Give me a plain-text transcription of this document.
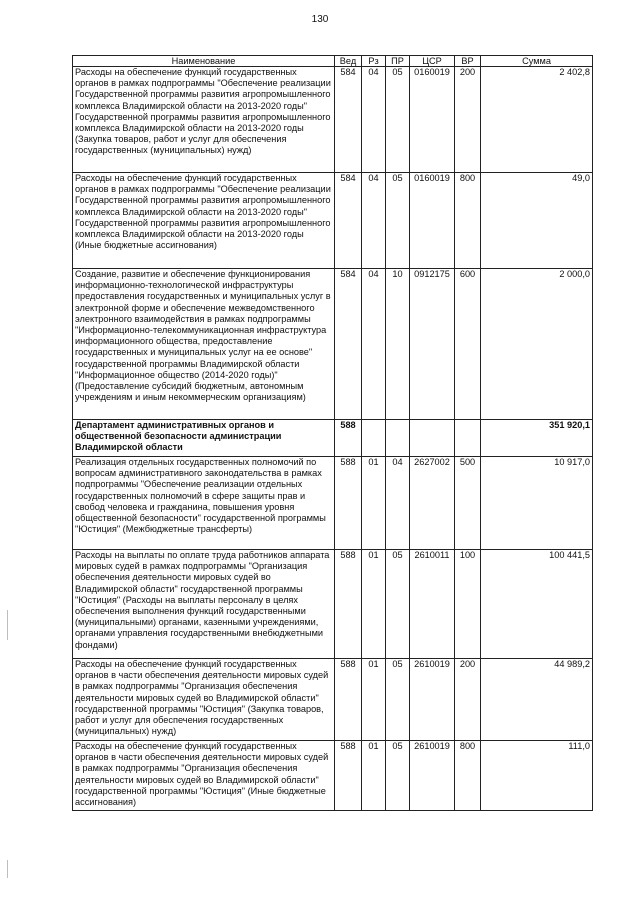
130
Наименование	Вед	Рз	ПР	ЦСР	ВР	Сумма
Расходы на обеспечение функций государственных органов в рамках подпрограммы "Обеспечение реализации Государственной программы развития агропромышленного комплекса Владимирской области на 2013-2020 годы" Государственной программы развития агропромышленного комплекса Владимирской области на 2013-2020 годы (Закупка товаров, работ и услуг для обеспечения государственных (муниципальных) нужд)	584	04	05	0160019	200	2 402,8
Расходы на обеспечение функций государственных органов в рамках подпрограммы "Обеспечение реализации Государственной программы развития агропромышленного комплекса Владимирской области на 2013-2020 годы" Государственной программы развития агропромышленного комплекса Владимирской области на 2013-2020 годы (Иные бюджетные ассигнования)	584	04	05	0160019	800	49,0
Создание, развитие и обеспечение функционирования информационно-технологической инфраструктуры предоставления государственных и муниципальных услуг в электронной форме и обеспечение межведомственного электронного взаимодействия в рамках подпрограммы "Информационно-телекоммуникационная инфраструктура информационного общества, предоставление государственных и муниципальных услуг на ее основе" государственной программы Владимирской области "Информационное общество (2014-2020 годы)" (Предоставление субсидий бюджетным, автономным учреждениям и иным некоммерческим организациям)	584	04	10	0912175	600	2 000,0
Департамент административных органов и общественной безопасности администрации Владимирской области	588					351 920,1
Реализация отдельных государственных полномочий по вопросам административного законодательства в рамках подпрограммы "Обеспечение реализации отдельных государственных полномочий в сфере защиты прав и свобод человека и гражданина, повышения уровня общественной безопасности" государственной программы "Юстиция" (Межбюджетные трансферты)	588	01	04	2627002	500	10 917,0
Расходы на выплаты по оплате труда работников аппарата мировых судей в рамках подпрограммы "Организация обеспечения деятельности мировых судей во Владимирской области" государственной программы "Юстиция" (Расходы на выплаты персоналу в целях обеспечения выполнения функций государственными (муниципальными) органами, казенными учреждениями, органами управления государственными внебюджетными фондами)	588	01	05	2610011	100	100 441,5
Расходы на обеспечение функций государственных органов в части обеспечения деятельности мировых судей в рамках подпрограммы "Организация обеспечения деятельности мировых судей во Владимирской области" государственной программы "Юстиция" (Закупка товаров, работ и услуг для обеспечения государственных (муниципальных) нужд)	588	01	05	2610019	200	44 989,2
Расходы на обеспечение функций государственных органов в части обеспечения деятельности мировых судей в рамках подпрограммы "Организация обеспечения деятельности мировых судей во Владимирской области" государственной программы "Юстиция" (Иные бюджетные ассигнования)	588	01	05	2610019	800	111,0
